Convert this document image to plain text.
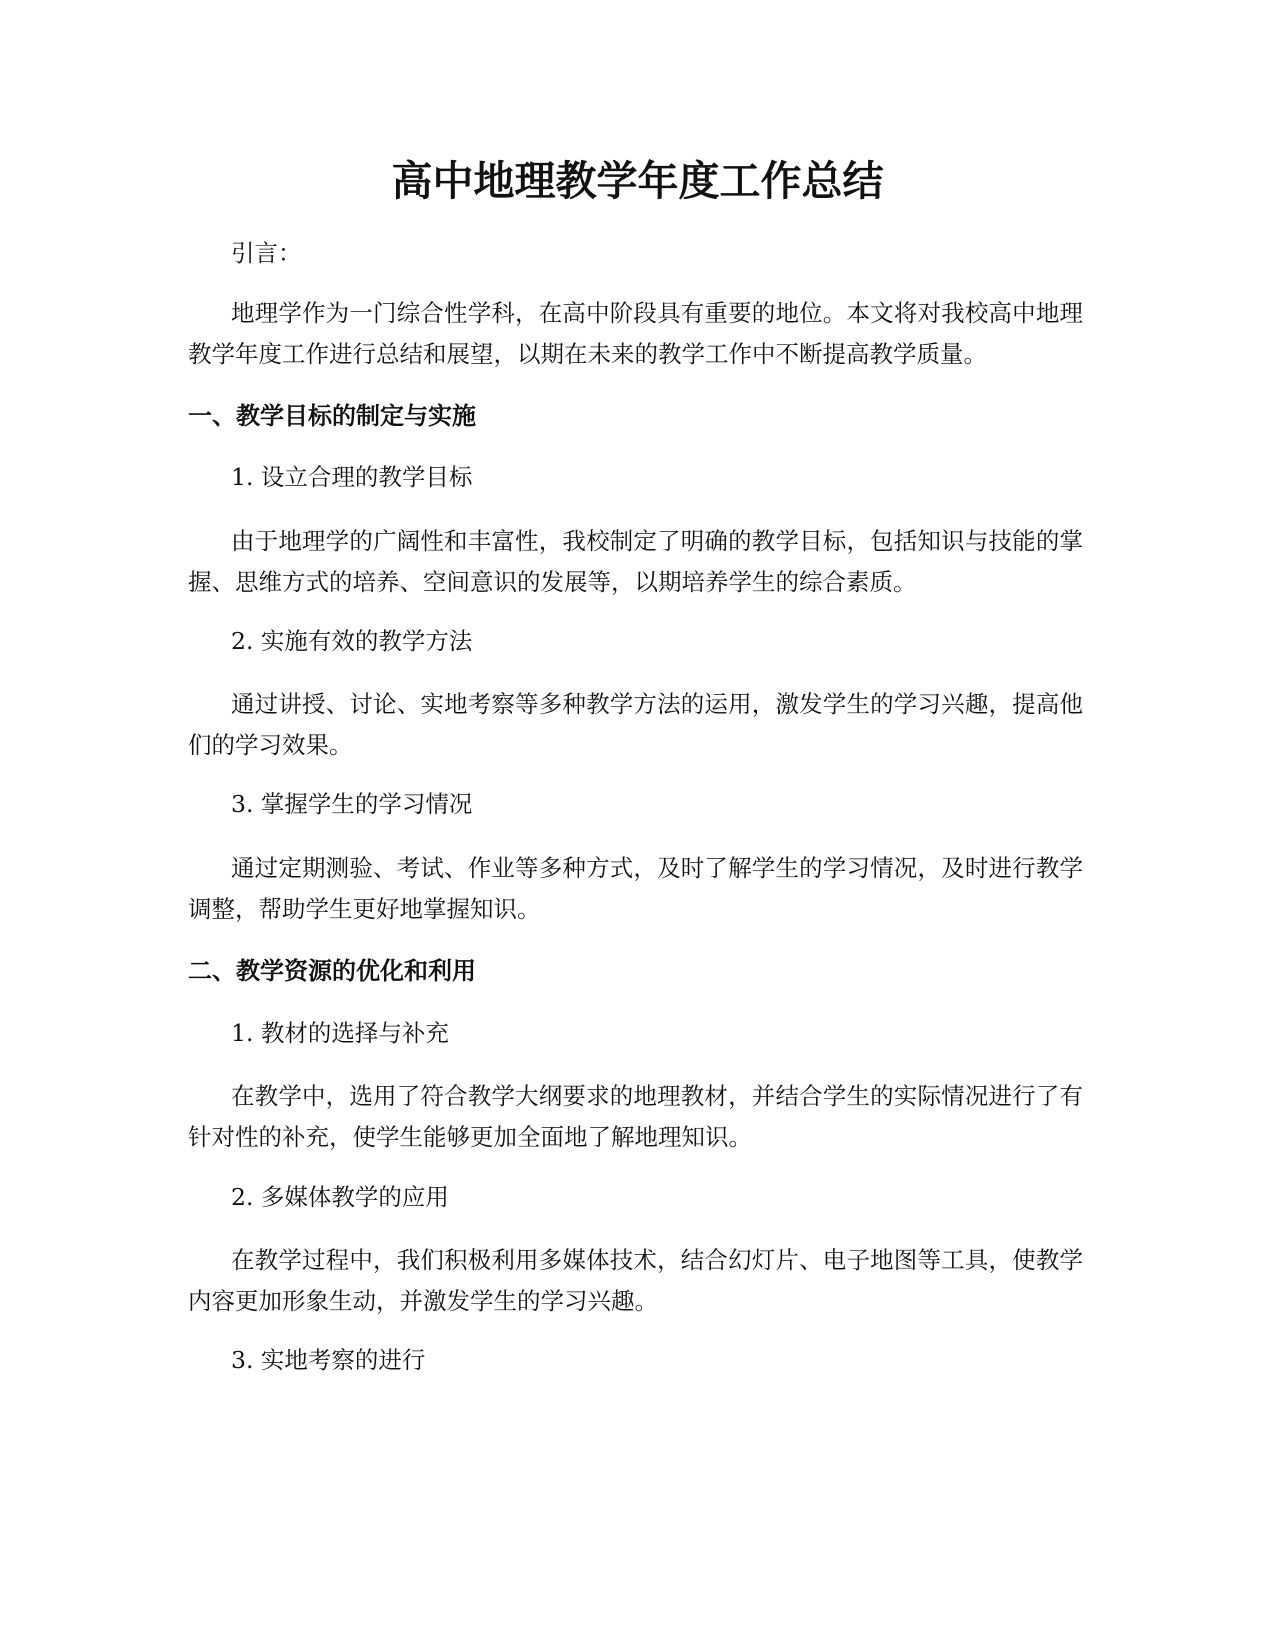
高中地理教学年度工作总结

引言：

地理学作为一门综合性学科，在高中阶段具有重要的地位。本文将对我校高中地理教学年度工作进行总结和展望，以期在未来的教学工作中不断提高教学质量。

一、教学目标的制定与实施

1. 设立合理的教学目标

由于地理学的广阔性和丰富性，我校制定了明确的教学目标，包括知识与技能的掌握、思维方式的培养、空间意识的发展等，以期培养学生的综合素质。

2. 实施有效的教学方法

通过讲授、讨论、实地考察等多种教学方法的运用，激发学生的学习兴趣，提高他们的学习效果。

3. 掌握学生的学习情况

通过定期测验、考试、作业等多种方式，及时了解学生的学习情况，及时进行教学调整，帮助学生更好地掌握知识。

二、教学资源的优化和利用

1. 教材的选择与补充

在教学中，选用了符合教学大纲要求的地理教材，并结合学生的实际情况进行了有针对性的补充，使学生能够更加全面地了解地理知识。

2. 多媒体教学的应用

在教学过程中，我们积极利用多媒体技术，结合幻灯片、电子地图等工具，使教学内容更加形象生动，并激发学生的学习兴趣。

3. 实地考察的进行
